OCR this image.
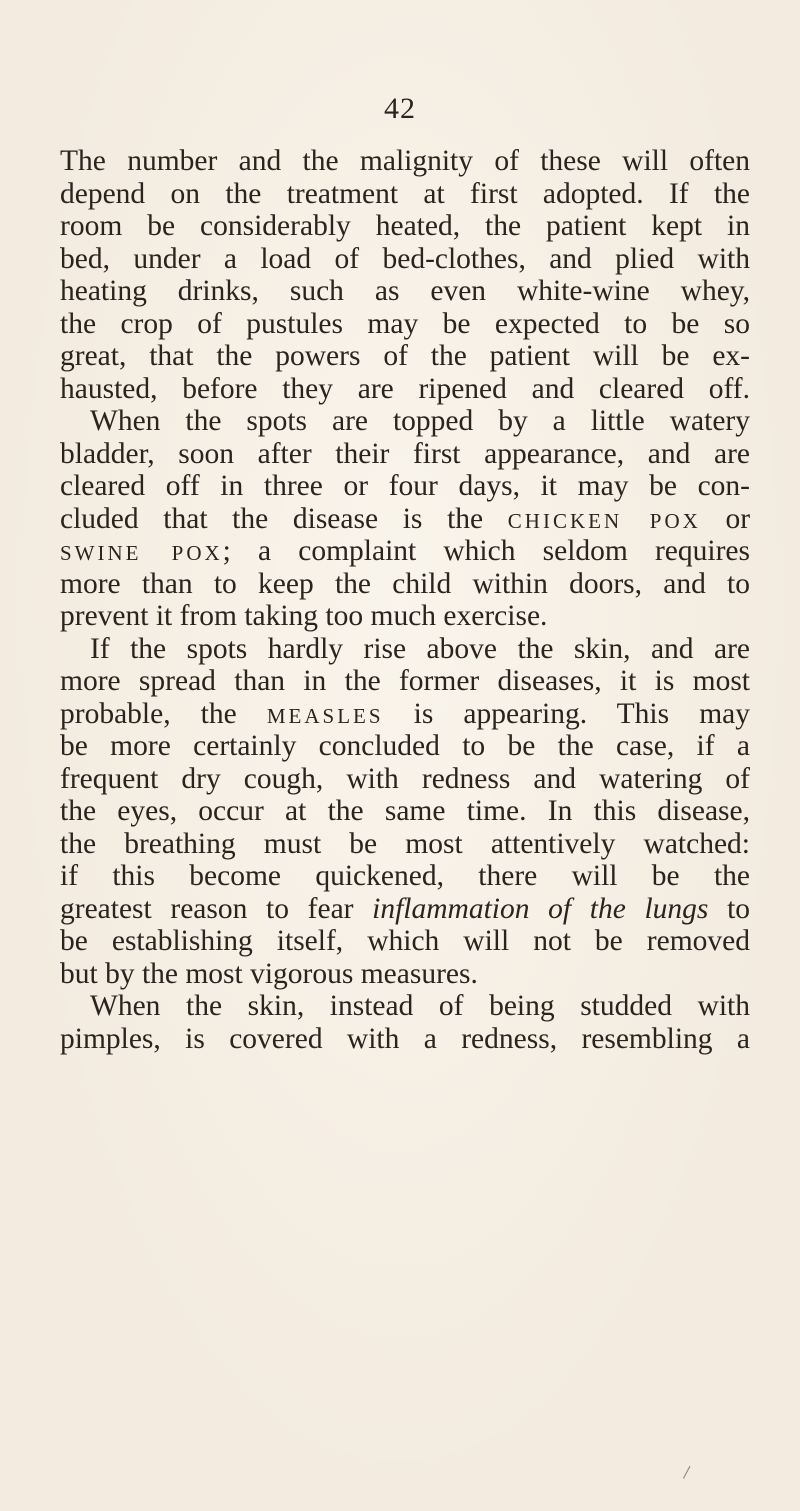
42
The number and the malignity of these will often
depend on the treatment at first adopted. If the
room be considerably heated, the patient kept in
bed, under a load of bed-clothes, and plied with
heating drinks, such as even white-wine whey,
the crop of pustules may be expected to be so
great, that the powers of the patient will be ex-
hausted, before they are ripened and cleared off.
When the spots are topped by a little watery
bladder, soon after their first appearance, and are
cleared off in three or four days, it may be con-
cluded that the disease is the chicken pox or
swine pox; a complaint which seldom requires
more than to keep the child within doors, and to
prevent it from taking too much exercise.
If the spots hardly rise above the skin, and are
more spread than in the former diseases, it is most
probable, the measles is appearing. This may
be more certainly concluded to be the case, if a
frequent dry cough, with redness and watering of
the eyes, occur at the same time. In this disease,
the breathing must be most attentively watched:
if this become quickened, there will be the
greatest reason to fear inflammation of the lungs to
be establishing itself, which will not be removed
but by the most vigorous measures.
When the skin, instead of being studded with
pimples, is covered with a redness, resembling a
